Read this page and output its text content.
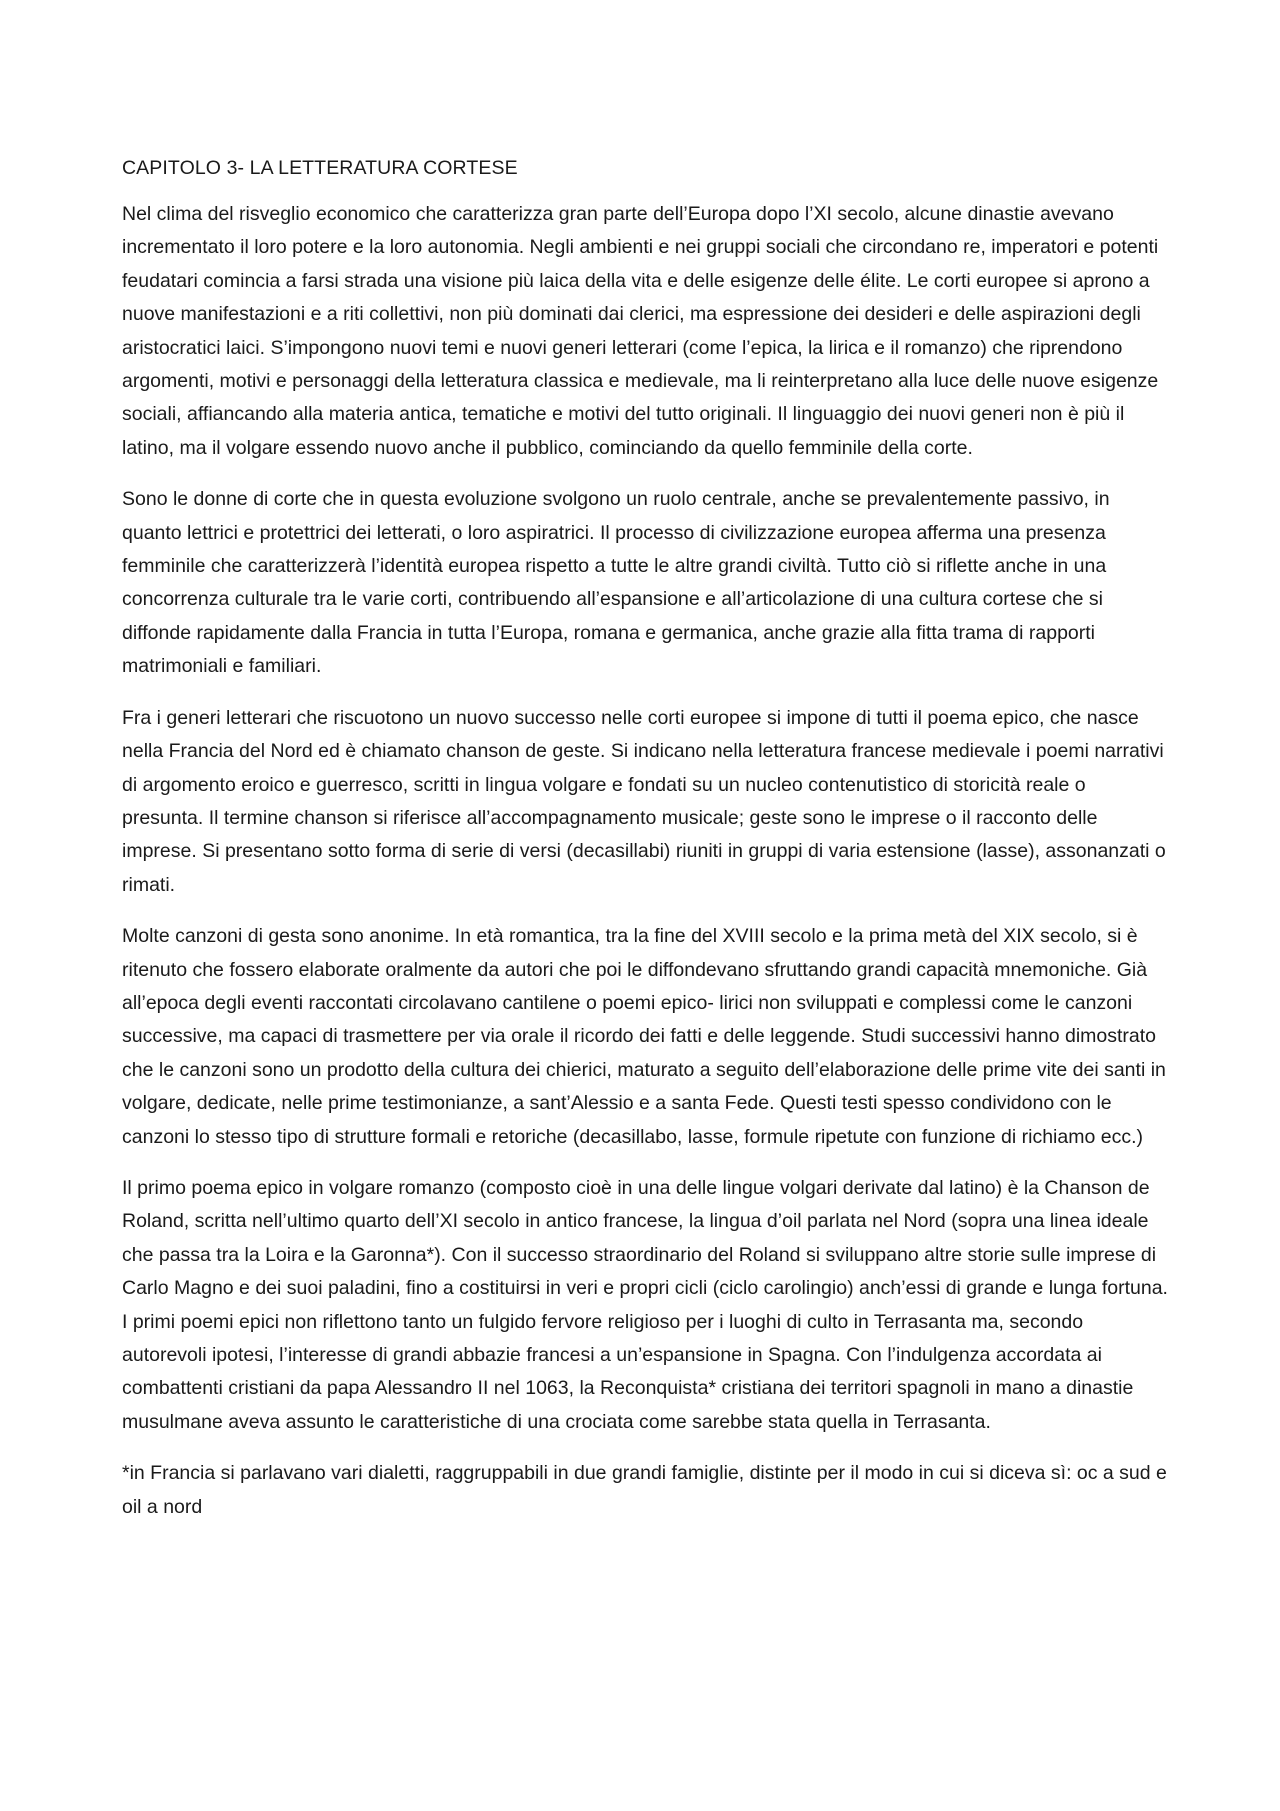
CAPITOLO 3- LA LETTERATURA CORTESE

Nel clima del risveglio economico che caratterizza gran parte dell’Europa dopo l’XI secolo, alcune dinastie avevano incrementato il loro potere e la loro autonomia. Negli ambienti e nei gruppi sociali che circondano re, imperatori e potenti feudatari comincia a farsi strada una visione più laica della vita e delle esigenze delle élite. Le corti europee si aprono a nuove manifestazioni e a riti collettivi, non più dominati dai clerici, ma espressione dei desideri e delle aspirazioni degli aristocratici laici. S’impongono nuovi temi e nuovi generi letterari (come l’epica, la lirica e il romanzo) che riprendono argomenti, motivi e personaggi della letteratura classica e medievale, ma li reinterpretano alla luce delle nuove esigenze sociali, affiancando alla materia antica, tematiche e motivi del tutto originali. Il linguaggio dei nuovi generi non è più il latino, ma il volgare essendo nuovo anche il pubblico, cominciando da quello femminile della corte.

Sono le donne di corte che in questa evoluzione svolgono un ruolo centrale, anche se prevalentemente passivo, in quanto lettrici e protettrici dei letterati, o loro aspiratrici. Il processo di civilizzazione europea afferma una presenza femminile che caratterizzerà l’identità europea rispetto a tutte le altre grandi civiltà. Tutto ciò si riflette anche in una concorrenza culturale tra le varie corti, contribuendo all’espansione e all’articolazione di una cultura cortese che si diffonde rapidamente dalla Francia in tutta l’Europa, romana e germanica, anche grazie alla fitta trama di rapporti matrimoniali e familiari.

Fra i generi letterari che riscuotono un nuovo successo nelle corti europee si impone di tutti il poema epico, che nasce nella Francia del Nord ed è chiamato chanson de geste. Si indicano nella letteratura francese medievale i poemi narrativi di argomento eroico e guerresco, scritti in lingua volgare e fondati su un nucleo contenutistico di storicità reale o presunta. Il termine chanson si riferisce all’accompagnamento musicale; geste sono le imprese o il racconto delle imprese. Si presentano sotto forma di serie di versi (decasillabi) riuniti in gruppi di varia estensione (lasse), assonanzati o rimati.

Molte canzoni di gesta sono anonime. In età romantica, tra la fine del XVIII secolo e la prima metà del XIX secolo, si è ritenuto che fossero elaborate oralmente da autori che poi le diffondevano sfruttando grandi capacità mnemoniche. Già all’epoca degli eventi raccontati circolavano cantilene o poemi epico- lirici non sviluppati e complessi come le canzoni successive, ma capaci di trasmettere per via orale il ricordo dei fatti e delle leggende. Studi successivi hanno dimostrato che le canzoni sono un prodotto della cultura dei chierici, maturato a seguito dell’elaborazione delle prime vite dei santi in volgare, dedicate, nelle prime testimonianze, a sant’Alessio e a santa Fede. Questi testi spesso condividono con le canzoni lo stesso tipo di strutture formali e retoriche (decasillabo, lasse, formule ripetute con funzione di richiamo ecc.)

Il primo poema epico in volgare romanzo (composto cioè in una delle lingue volgari derivate dal latino) è la Chanson de Roland, scritta nell’ultimo quarto dell’XI secolo in antico francese, la lingua d’oil parlata nel Nord (sopra una linea ideale che passa tra la Loira e la Garonna*). Con il successo straordinario del Roland si sviluppano altre storie sulle imprese di Carlo Magno e dei suoi paladini, fino a costituirsi in veri e propri cicli (ciclo carolingio) anch’essi di grande e lunga fortuna. I primi poemi epici non riflettono tanto un fulgido fervore religioso per i luoghi di culto in Terrasanta ma, secondo autorevoli ipotesi, l’interesse di grandi abbazie francesi a un’espansione in Spagna. Con l’indulgenza accordata ai combattenti cristiani da papa Alessandro II nel 1063, la Reconquista* cristiana dei territori spagnoli in mano a dinastie musulmane aveva assunto le caratteristiche di una crociata come sarebbe stata quella in Terrasanta.

*in Francia si parlavano vari dialetti, raggruppabili in due grandi famiglie, distinte per il modo in cui si diceva sì: oc a sud e oil a nord
